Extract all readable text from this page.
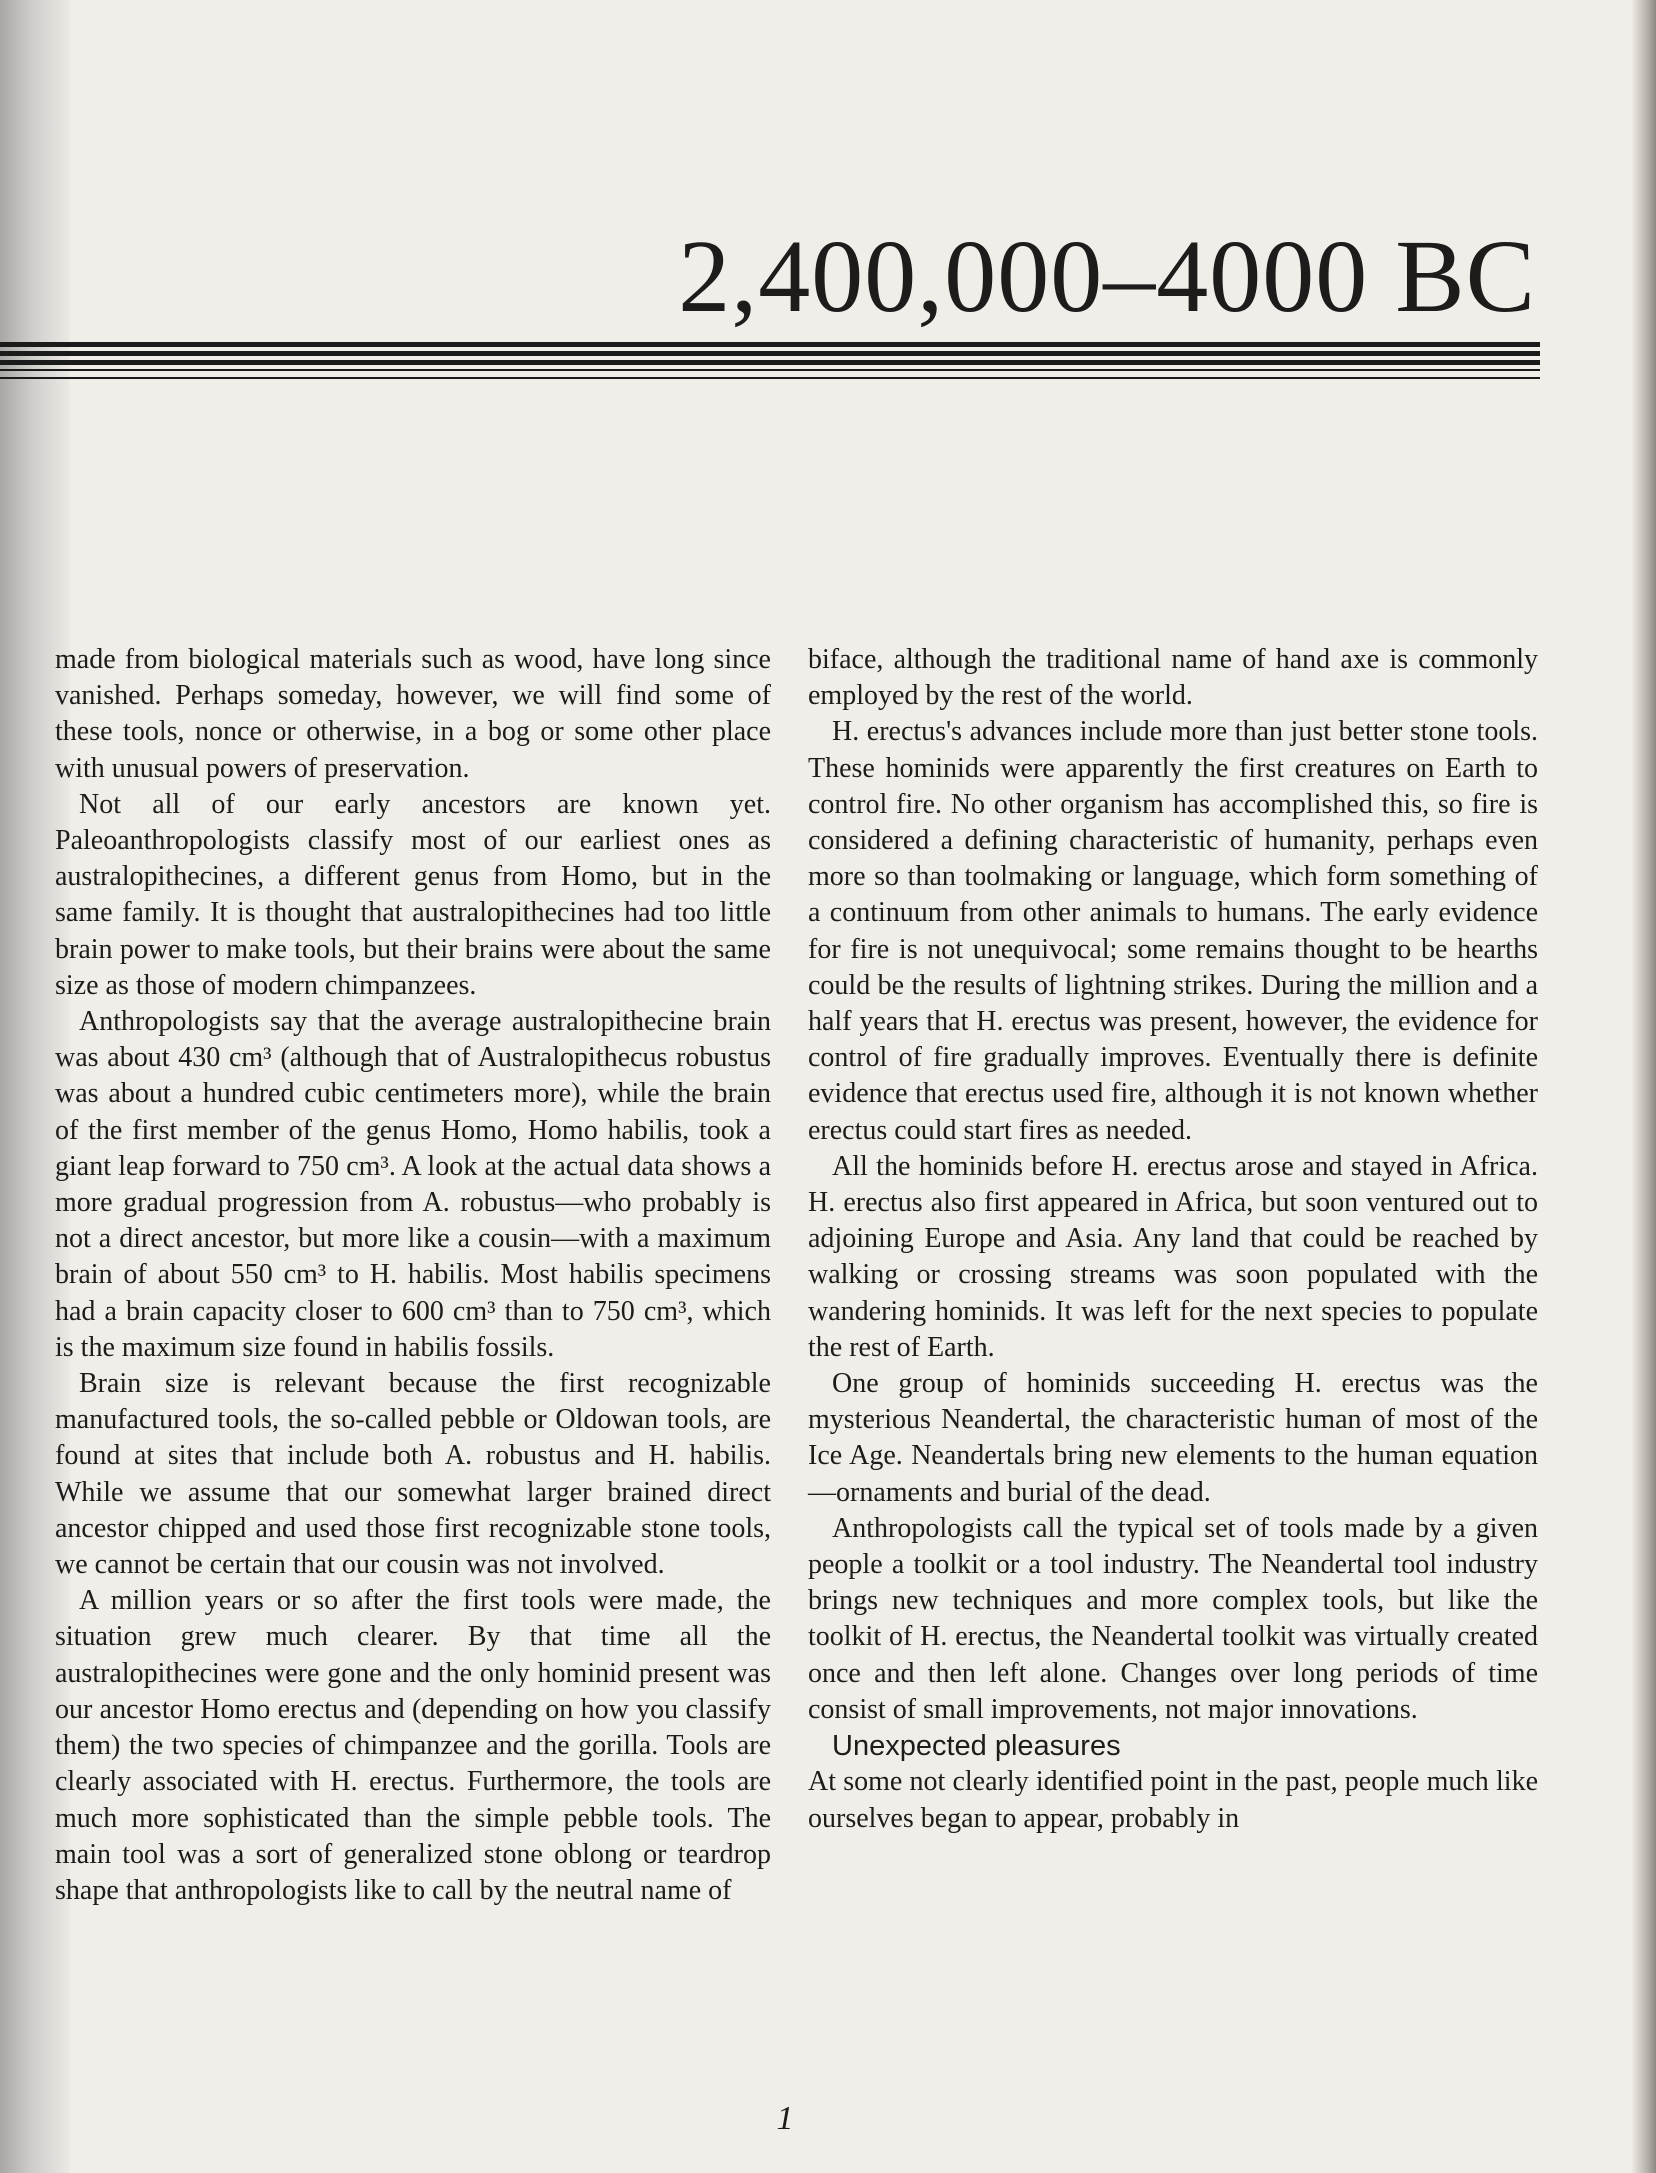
2,400,000–4000 BC

made from biological materials such as wood, have long since vanished. Perhaps someday, however, we will find some of these tools, nonce or otherwise, in a bog or some other place with unusual powers of preservation.

Not all of our early ancestors are known yet. Paleoanthropologists classify most of our earliest ones as australopithecines, a different genus from Homo, but in the same family. It is thought that australopithecines had too little brain power to make tools, but their brains were about the same size as those of modern chimpanzees.

Anthropologists say that the average australopithecine brain was about 430 cm³ (although that of Australopithecus robustus was about a hundred cubic centimeters more), while the brain of the first member of the genus Homo, Homo habilis, took a giant leap forward to 750 cm³. A look at the actual data shows a more gradual progression from A. robustus—who probably is not a direct ancestor, but more like a cousin—with a maximum brain of about 550 cm³ to H. habilis. Most habilis specimens had a brain capacity closer to 600 cm³ than to 750 cm³, which is the maximum size found in habilis fossils.

Brain size is relevant because the first recognizable manufactured tools, the so-called pebble or Oldowan tools, are found at sites that include both A. robustus and H. habilis. While we assume that our somewhat larger brained direct ancestor chipped and used those first recognizable stone tools, we cannot be certain that our cousin was not involved.

A million years or so after the first tools were made, the situation grew much clearer. By that time all the australopithecines were gone and the only hominid present was our ancestor Homo erectus and (depending on how you classify them) the two species of chimpanzee and the gorilla. Tools are clearly associated with H. erectus. Furthermore, the tools are much more sophisticated than the simple pebble tools. The main tool was a sort of generalized stone oblong or teardrop shape that anthropologists like to call by the neutral name of

biface, although the traditional name of hand axe is commonly employed by the rest of the world.

H. erectus's advances include more than just better stone tools. These hominids were apparently the first creatures on Earth to control fire. No other organism has accomplished this, so fire is considered a defining characteristic of humanity, perhaps even more so than toolmaking or language, which form something of a continuum from other animals to humans. The early evidence for fire is not unequivocal; some remains thought to be hearths could be the results of lightning strikes. During the million and a half years that H. erectus was present, however, the evidence for control of fire gradually improves. Eventually there is definite evidence that erectus used fire, although it is not known whether erectus could start fires as needed.

All the hominids before H. erectus arose and stayed in Africa. H. erectus also first appeared in Africa, but soon ventured out to adjoining Europe and Asia. Any land that could be reached by walking or crossing streams was soon populated with the wandering hominids. It was left for the next species to populate the rest of Earth.

One group of hominids succeeding H. erectus was the mysterious Neandertal, the characteristic human of most of the Ice Age. Neandertals bring new elements to the human equation—ornaments and burial of the dead.

Anthropologists call the typical set of tools made by a given people a toolkit or a tool industry. The Neandertal tool industry brings new techniques and more complex tools, but like the toolkit of H. erectus, the Neandertal toolkit was virtually created once and then left alone. Changes over long periods of time consist of small improvements, not major innovations.

Unexpected pleasures

At some not clearly identified point in the past, people much like ourselves began to appear, probably in

1
